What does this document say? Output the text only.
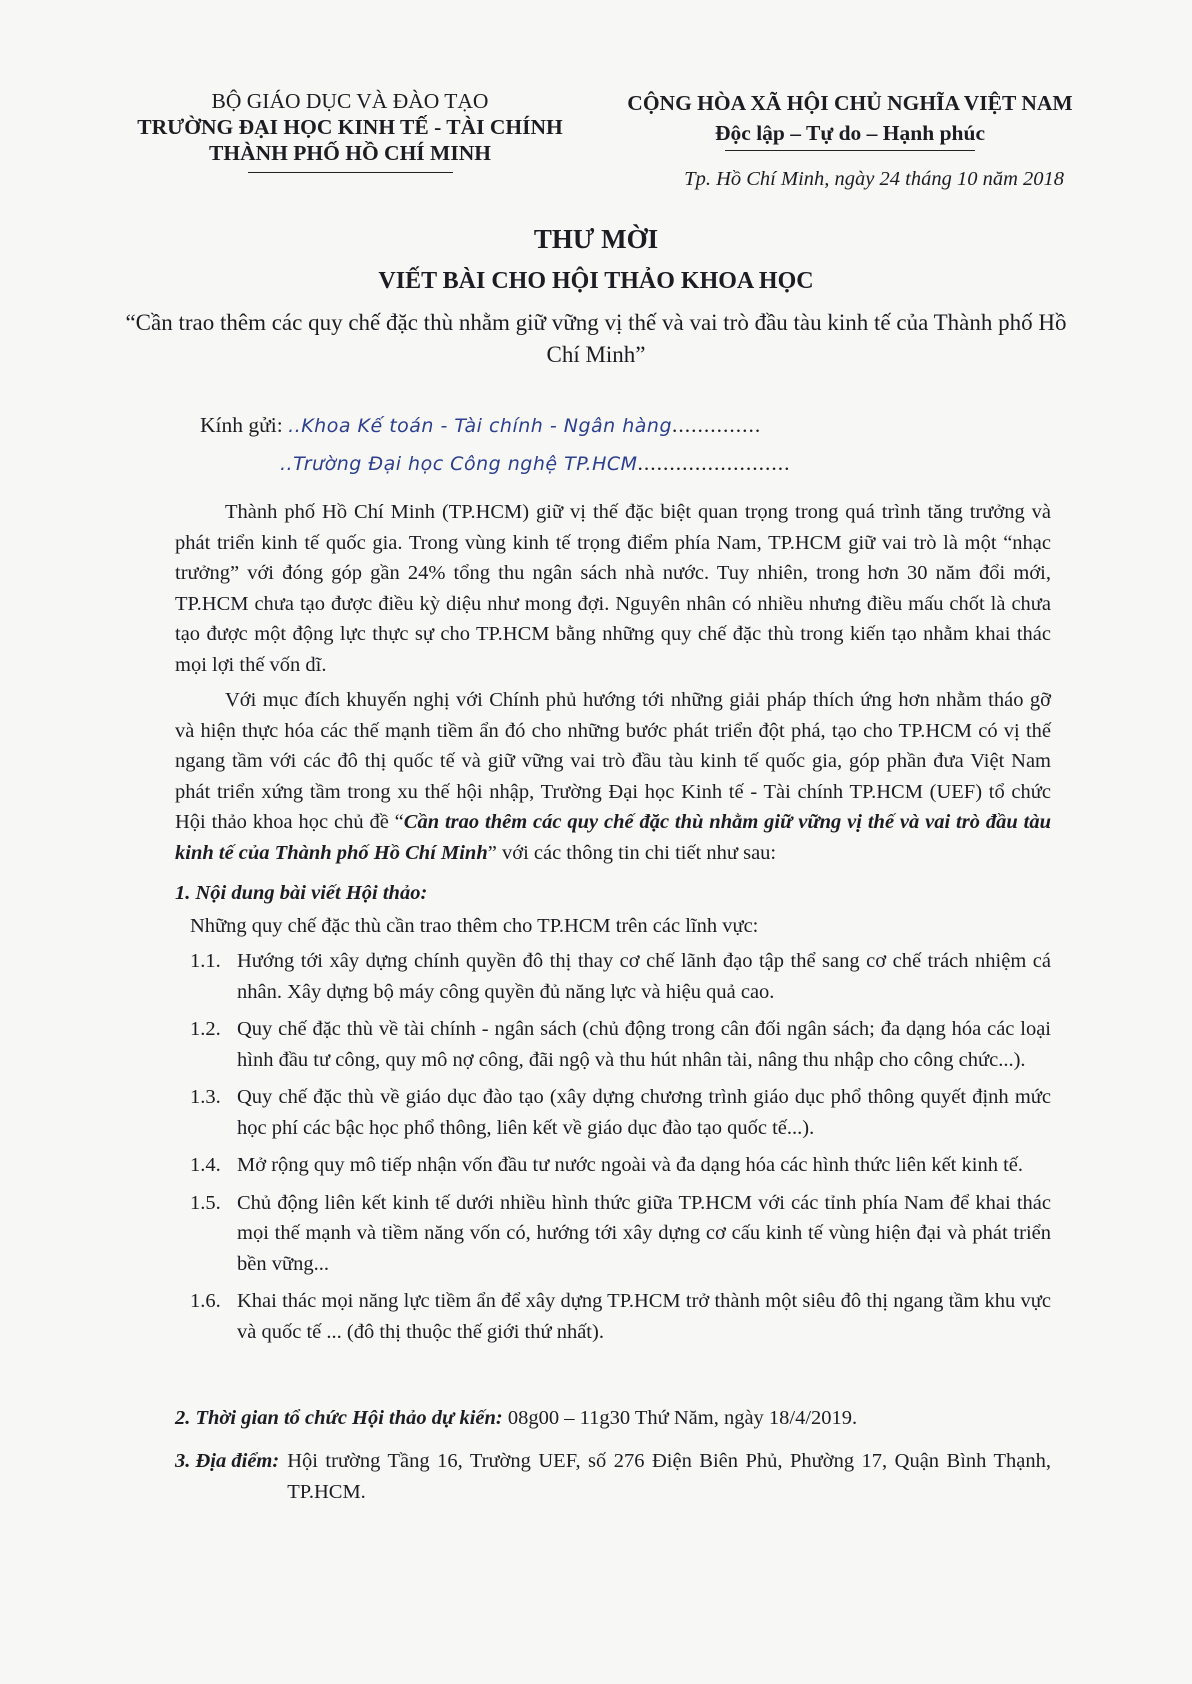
BỘ GIÁO DỤC VÀ ĐÀO TẠO
TRƯỜNG ĐẠI HỌC KINH TẾ - TÀI CHÍNH
THÀNH PHỐ HỒ CHÍ MINH
CỘNG HÒA XÃ HỘI CHỦ NGHĨA VIỆT NAM
Độc lập – Tự do – Hạnh phúc
Tp. Hồ Chí Minh, ngày 24 tháng 10 năm 2018
THƯ MỜI
VIẾT BÀI CHO HỘI THẢO KHOA HỌC
“Cần trao thêm các quy chế đặc thù nhằm giữ vững vị thế và vai trò đầu tàu kinh tế của Thành phố Hồ Chí Minh”
Kính gửi: ..Khoa Kế toán - Tài chính - Ngân hàng..............
..Trường Đại học Công nghệ TP.HCM........................

Thành phố Hồ Chí Minh (TP.HCM) giữ vị thế đặc biệt quan trọng trong quá trình tăng trưởng và phát triển kinh tế quốc gia. Trong vùng kinh tế trọng điểm phía Nam, TP.HCM giữ vai trò là một “nhạc trưởng” với đóng góp gần 24% tổng thu ngân sách nhà nước. Tuy nhiên, trong hơn 30 năm đổi mới, TP.HCM chưa tạo được điều kỳ diệu như mong đợi. Nguyên nhân có nhiều nhưng điều mấu chốt là chưa tạo được một động lực thực sự cho TP.HCM bằng những quy chế đặc thù trong kiến tạo nhằm khai thác mọi lợi thế vốn dĩ.

Với mục đích khuyến nghị với Chính phủ hướng tới những giải pháp thích ứng hơn nhằm tháo gỡ và hiện thực hóa các thế mạnh tiềm ẩn đó cho những bước phát triển đột phá, tạo cho TP.HCM có vị thế ngang tầm với các đô thị quốc tế và giữ vững vai trò đầu tàu kinh tế quốc gia, góp phần đưa Việt Nam phát triển xứng tầm trong xu thế hội nhập, Trường Đại học Kinh tế - Tài chính TP.HCM (UEF) tổ chức Hội thảo khoa học chủ đề “Cần trao thêm các quy chế đặc thù nhằm giữ vững vị thế và vai trò đầu tàu kinh tế của Thành phố Hồ Chí Minh” với các thông tin chi tiết như sau:

1. Nội dung bài viết Hội thảo:
Những quy chế đặc thù cần trao thêm cho TP.HCM trên các lĩnh vực:
1.1. Hướng tới xây dựng chính quyền đô thị thay cơ chế lãnh đạo tập thể sang cơ chế trách nhiệm cá nhân. Xây dựng bộ máy công quyền đủ năng lực và hiệu quả cao.
1.2. Quy chế đặc thù về tài chính - ngân sách (chủ động trong cân đối ngân sách; đa dạng hóa các loại hình đầu tư công, quy mô nợ công, đãi ngộ và thu hút nhân tài, nâng thu nhập cho công chức...).
1.3. Quy chế đặc thù về giáo dục đào tạo (xây dựng chương trình giáo dục phổ thông quyết định mức học phí các bậc học phổ thông, liên kết về giáo dục đào tạo quốc tế...).
1.4. Mở rộng quy mô tiếp nhận vốn đầu tư nước ngoài và đa dạng hóa các hình thức liên kết kinh tế.
1.5. Chủ động liên kết kinh tế dưới nhiều hình thức giữa TP.HCM với các tỉnh phía Nam để khai thác mọi thế mạnh và tiềm năng vốn có, hướng tới xây dựng cơ cấu kinh tế vùng hiện đại và phát triển bền vững...
1.6. Khai thác mọi năng lực tiềm ẩn để xây dựng TP.HCM trở thành một siêu đô thị ngang tầm khu vực và quốc tế ... (đô thị thuộc thế giới thứ nhất).
2. Thời gian tổ chức Hội thảo dự kiến: 08g00 – 11g30 Thứ Năm, ngày 18/4/2019.
3. Địa điểm: Hội trường Tầng 16, Trường UEF, số 276 Điện Biên Phủ, Phường 17, Quận Bình Thạnh, TP.HCM.
